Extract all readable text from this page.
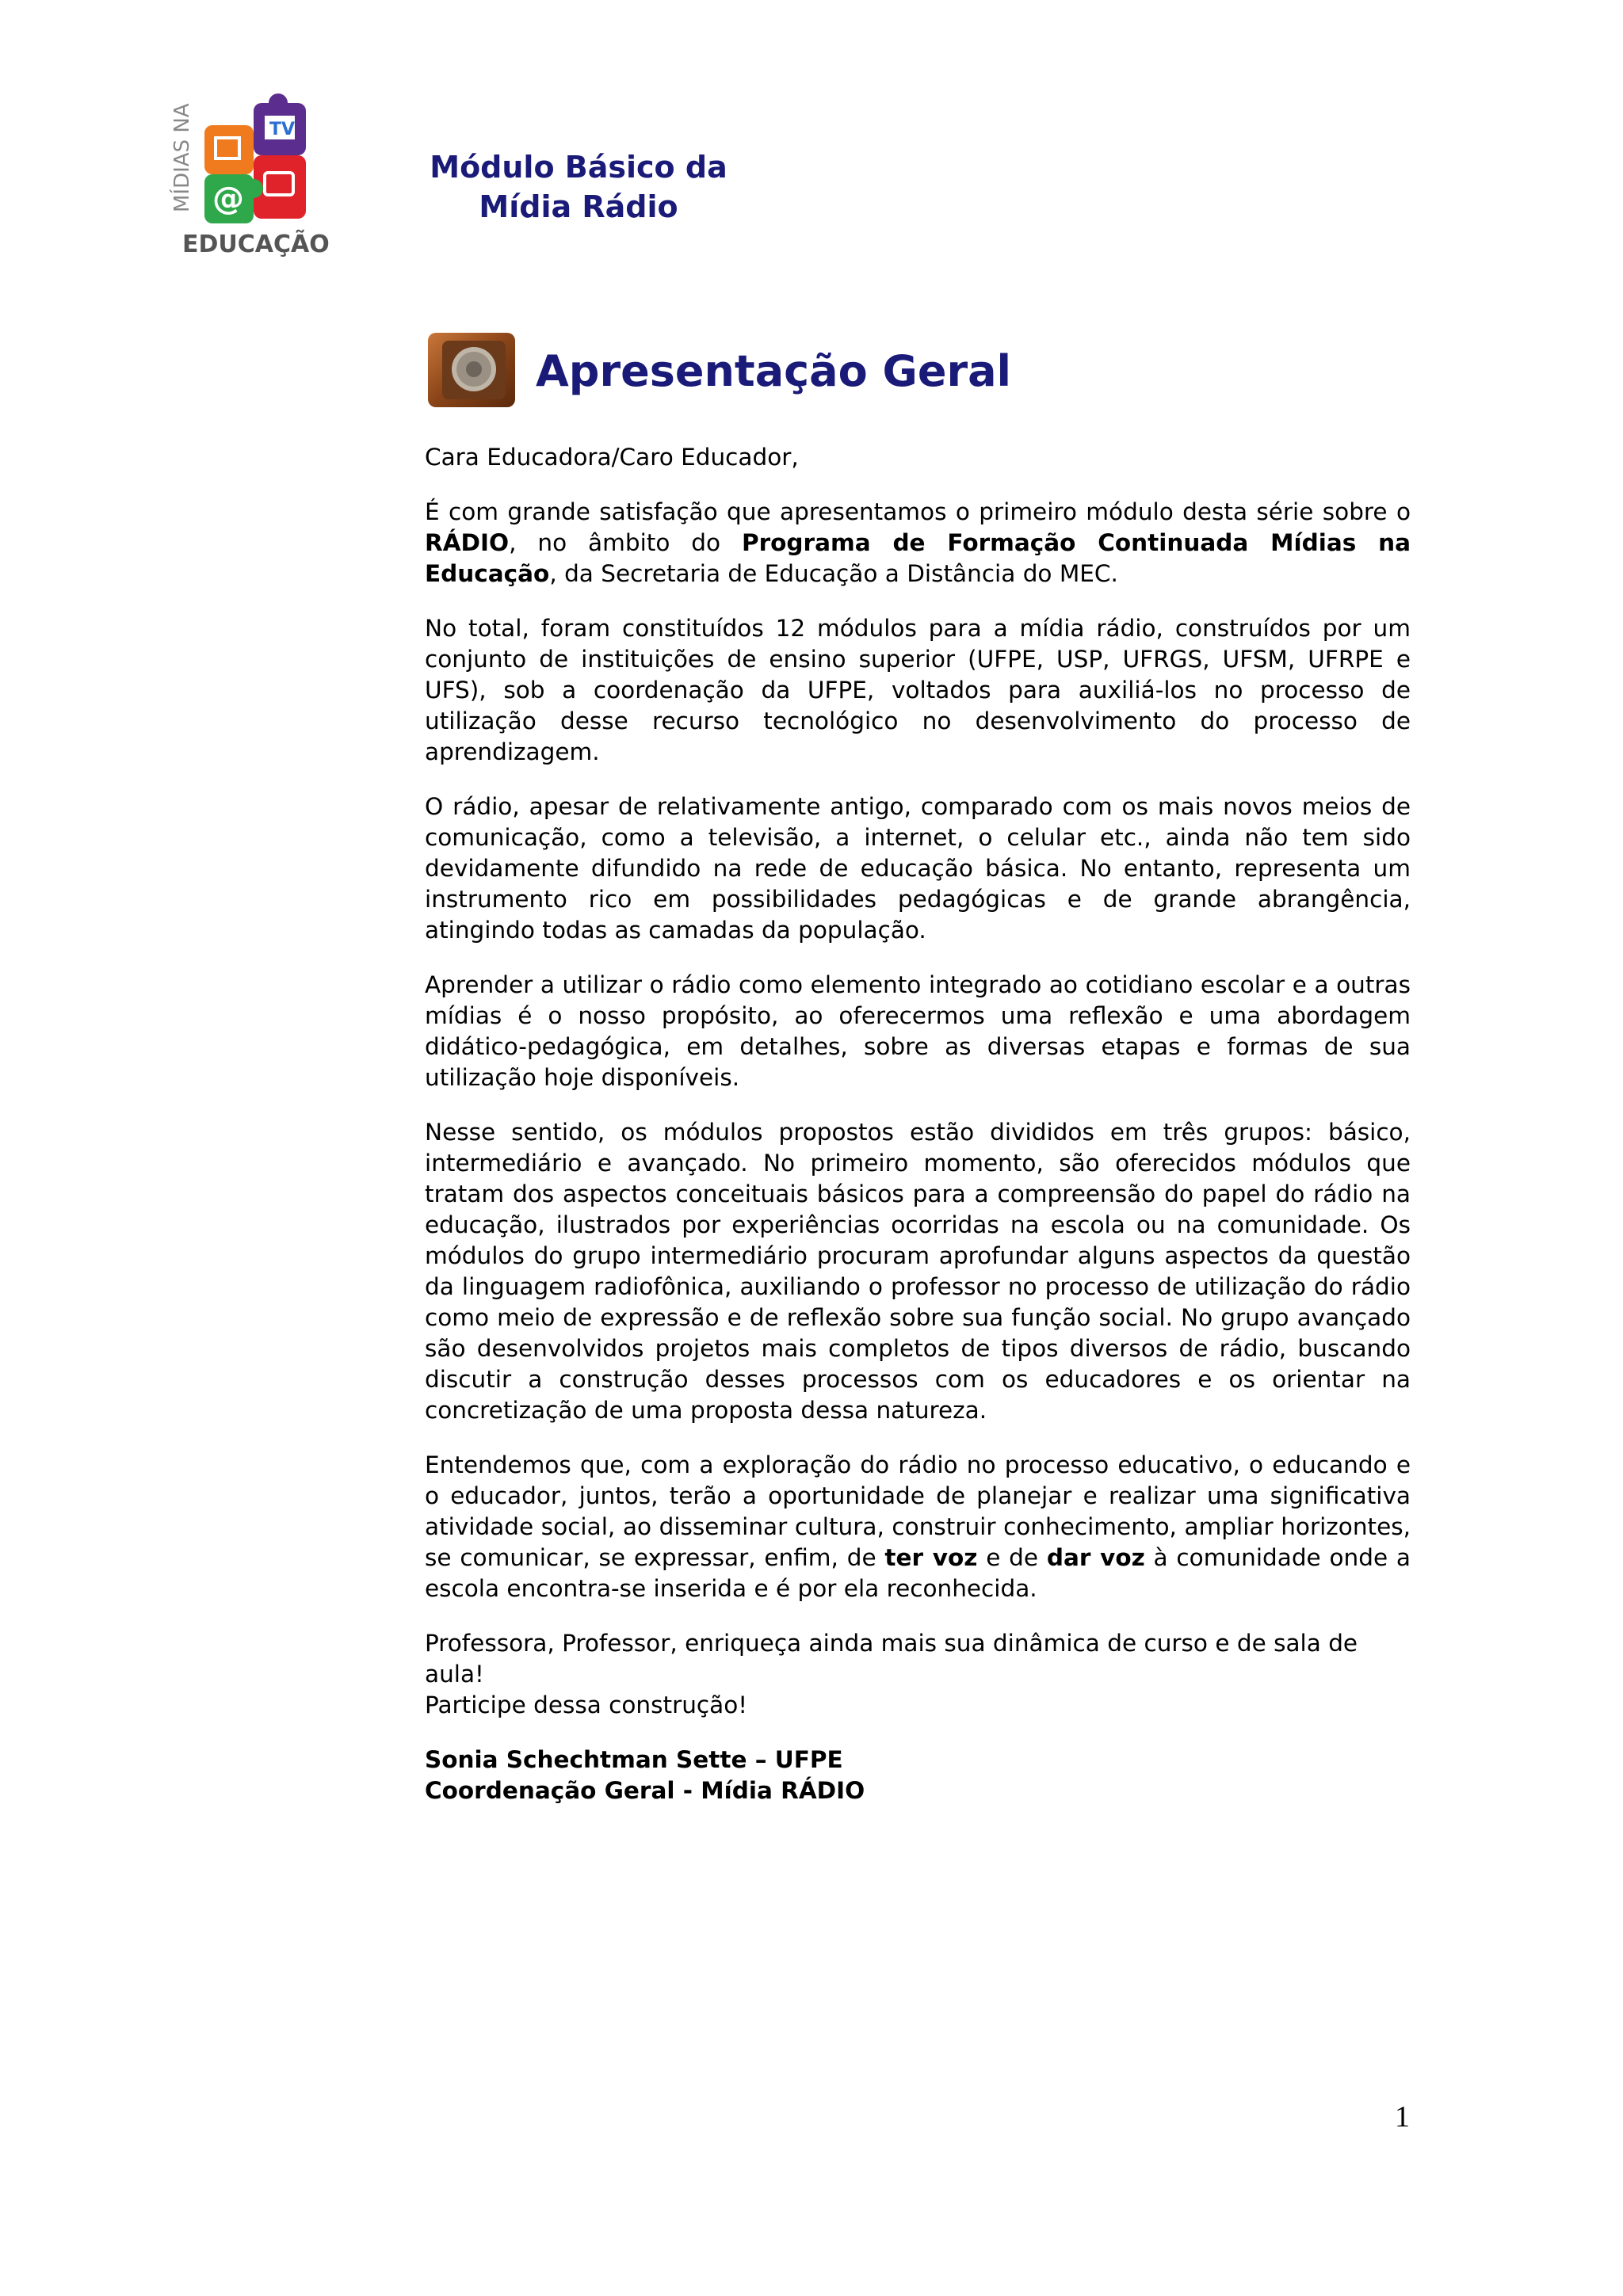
TV
@
MÍDIAS NA
EDUCAÇÃO
Módulo Básico da
Mídia Rádio
Apresentação Geral

Cara Educadora/Caro Educador,

É com grande satisfação que apresentamos o primeiro módulo desta série sobre o RÁDIO, no âmbito do Programa de Formação Continuada Mídias na Educação, da Secretaria de Educação a Distância do MEC.

No total, foram constituídos 12 módulos para a mídia rádio, construídos por um conjunto de instituições de ensino superior (UFPE, USP, UFRGS, UFSM, UFRPE e UFS), sob a coordenação da UFPE, voltados para auxiliá-los no processo de utilização desse recurso tecnológico no desenvolvimento do processo de aprendizagem.

O rádio, apesar de relativamente antigo, comparado com os mais novos meios de comunicação, como a televisão, a internet, o celular etc., ainda não tem sido devidamente difundido na rede de educação básica. No entanto, representa um instrumento rico em possibilidades pedagógicas e de grande abrangência, atingindo todas as camadas da população.

Aprender a utilizar o rádio como elemento integrado ao cotidiano escolar e a outras mídias é o nosso propósito, ao oferecermos uma reflexão e uma abordagem didático-pedagógica, em detalhes, sobre as diversas etapas e formas de sua utilização hoje disponíveis.

Nesse sentido, os módulos propostos estão divididos em três grupos: básico, intermediário e avançado. No primeiro momento, são oferecidos módulos que tratam dos aspectos conceituais básicos para a compreensão do papel do rádio na educação, ilustrados por experiências ocorridas na escola ou na comunidade. Os módulos do grupo intermediário procuram aprofundar alguns aspectos da questão da linguagem radiofônica, auxiliando o professor no processo de utilização do rádio como meio de expressão e de reflexão sobre sua função social. No grupo avançado são desenvolvidos projetos mais completos de tipos diversos de rádio, buscando discutir a construção desses processos com os educadores e os orientar na concretização de uma proposta dessa natureza.

Entendemos que, com a exploração do rádio no processo educativo, o educando e o educador, juntos, terão a oportunidade de planejar e realizar uma significativa atividade social, ao disseminar cultura, construir conhecimento, ampliar horizontes, se comunicar, se expressar, enfim, de ter voz e de dar voz à comunidade onde a escola encontra-se inserida e é por ela reconhecida.

Professora, Professor, enriqueça ainda mais sua dinâmica de curso e de sala de aula!
Participe dessa construção!

Sonia Schechtman Sette – UFPE
Coordenação Geral - Mídia RÁDIO

1
